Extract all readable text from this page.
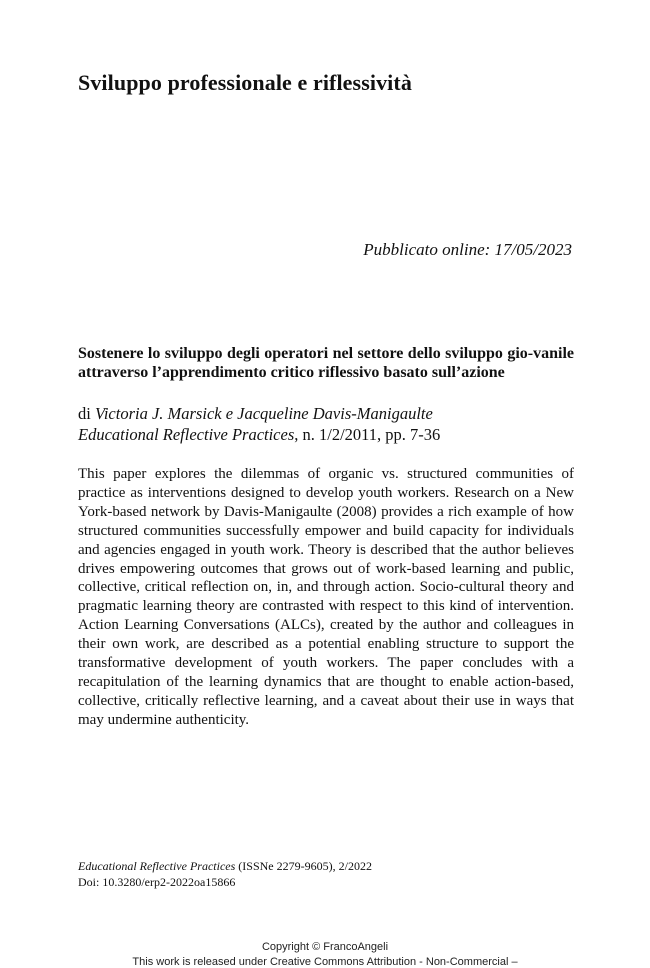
Sviluppo professionale e riflessività
Pubblicato online: 17/05/2023
Sostenere lo sviluppo degli operatori nel settore dello sviluppo gio-vanile attraverso l’apprendimento critico riflessivo basato sull’azione
di Victoria J. Marsick e Jacqueline Davis-Manigaulte
Educational Reflective Practices, n. 1/2/2011, pp. 7-36

This paper explores the dilemmas of organic vs. structured communities of practice as interventions designed to develop youth workers. Research on a New York-based network by Davis-Manigaulte (2008) provides a rich example of how structured communities successfully empower and build capacity for individuals and agencies engaged in youth work. Theory is described that the author believes drives empowering outcomes that grows out of work-based learning and public, collective, critical reflection on, in, and through action. Socio-cultural theory and pragmatic learning theory are contrasted with respect to this kind of intervention. Action Learning Conversations (ALCs), created by the author and colleagues in their own work, are described as a potential enabling structure to support the transformative development of youth workers. The paper concludes with a recapitulation of the learning dynamics that are thought to enable action-based, collective, critically reflective learning, and a caveat about their use in ways that may undermine authenticity.

Educational Reflective Practices (ISSNe 2279-9605), 2/2022
Doi: 10.3280/erp2-2022oa15866
Copyright © FrancoAngeli
This work is released under Creative Commons Attribution - Non-Commercial –
